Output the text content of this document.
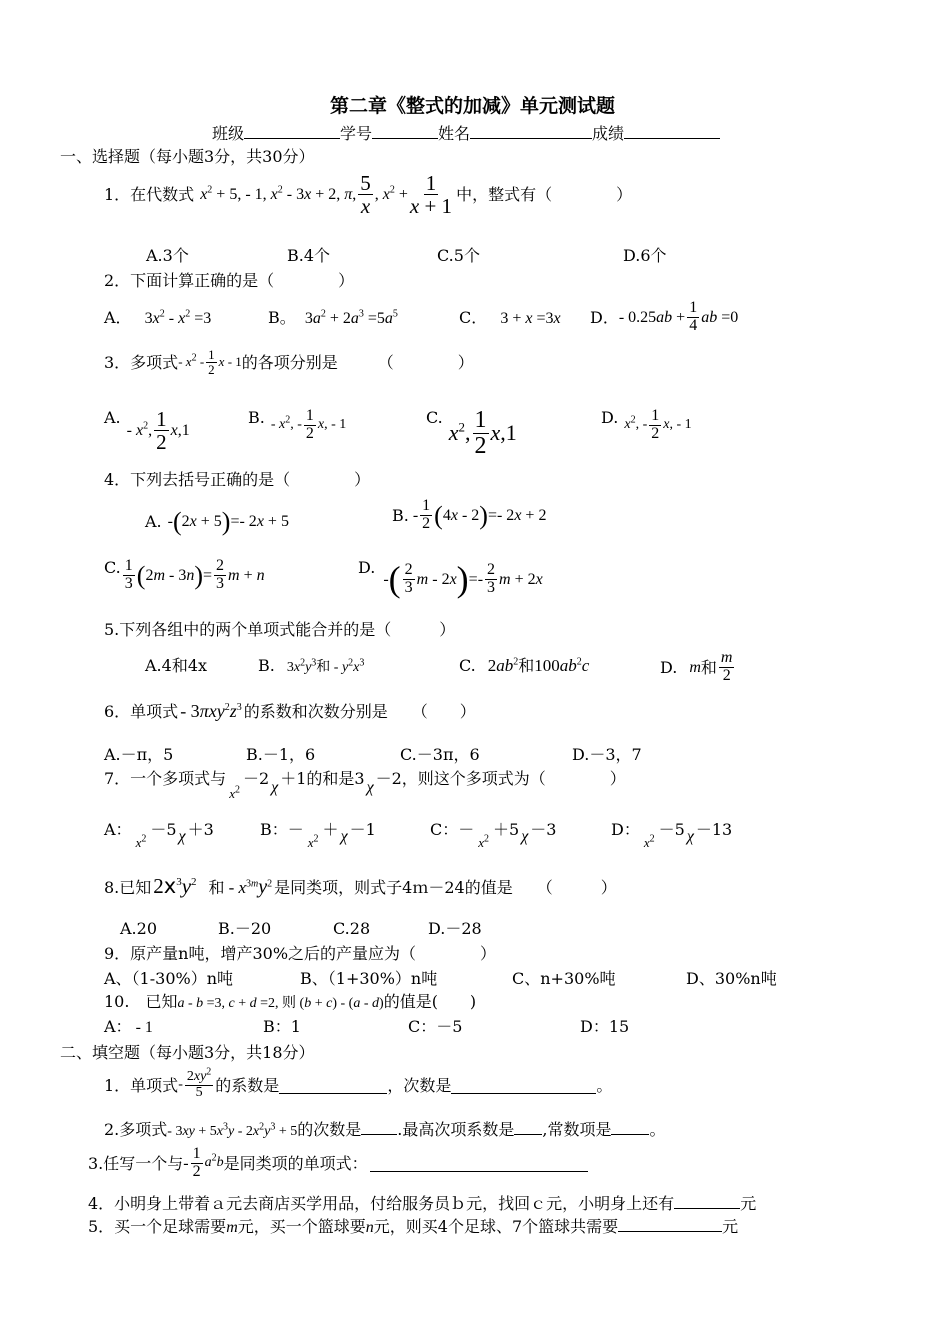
第二章《整式的加减》单元测试题
班级	学号	姓名	成绩
一、选择题（每小题3分，共30分）
1．在代数式 $x^2 + 5$, - 1, $x^2 - 3x + 2$, π, 5
x , $x^2 + \frac{1}{x + 1}$ 中，整式有（　　　　）
A.3个	B.4个	C.5个	D.6个
2．下面计算正确的是（　　　　）
A． $3x^2 - x^2 =3$	B。 $3a^2 + 2a^3 =5a^5$	C． 3 + x =3x D． - $0.25ab + \frac{1}{4}$ ab =0
3．多项式 - $x^2 - 1$
2 x - 1 的各项分别是　　　（　　　　）
A.
- $x^2$, 1
2 x,1
B. - $x^2$, -
1
2
x, - 1	C.
$x^2$, 1
2
x,1
D. $x^2$, -
1
2
x, - 1
4．下列去括号正确的是（　　　　）
A. - ( 2x + 5 ) =- 2x + 5	B. -
1
2 ( 4x - 2 ) =- 2x + 2
C. 1
3 ( 2m - 3n ) = $\frac{2}{3}$ m + n	D.
- ( 2
3 m - 2x ) =-
2
3 m + 2x
5.下列各组中的两个单项式能合并的是（　　　）
A.4和4x	B. $3x^2y^3$和 - $y^2x^3$	C. $2ab^2$和$100ab^2c$	D. m 和
m
2
6．单项式 - $3\pi xy^2z^3$ 的系数和次数分别是　　（　　）
A.－π，5	B.－1，6	C.－3π，6	D.－3，7
7．一个多项式与$_{x^2}$－2 χ ＋1的和是3 χ －2，则这个多项式为（　　　　）
A：$_{x^2}$－5 χ ＋3	B：$-_{x^2}+ \chi -1$	C：$-_{x^2}+5$ χ －3	D：$_{x^2}$－5 χ －13
8.已知$2x^3y^2$ 和 - $x^{3m}y^2$ 是同类项，则式子4ｍ－24的值是　　（　　　）
A.20	B.－20	C.28	D.－28
9．原产量n吨，增产30%之后的产量应为（　　　　）
A、（1-30%）n吨	B、（1+30%）n吨	C、n+30%吨	D、30%n吨
10.　已知a - b =3, c + d =2, 则 (b + c) - (a - d)的值是(　　)
A： - 1	B：1	C：－5	D：15
二、填空题（每小题3分，共18分）
1．单项式 -
$2xy^2$
5 的系数是	，次数是	。
2.多项式- $3xy + 5x^3y - 2x^2y^3 + 5$的次数是 .最高次项系数是 ,常数项是 。
3.任写一个与 -
1
2
$a^2b$ 是同类项的单项式：
4．小明身上带着ａ元去商店买学用品，付给服务员ｂ元，找回ｃ元，小明身上还有	元
5．买一个足球需要m元，买一个篮球要n元，则买4个足球、7个篮球共需要	元
